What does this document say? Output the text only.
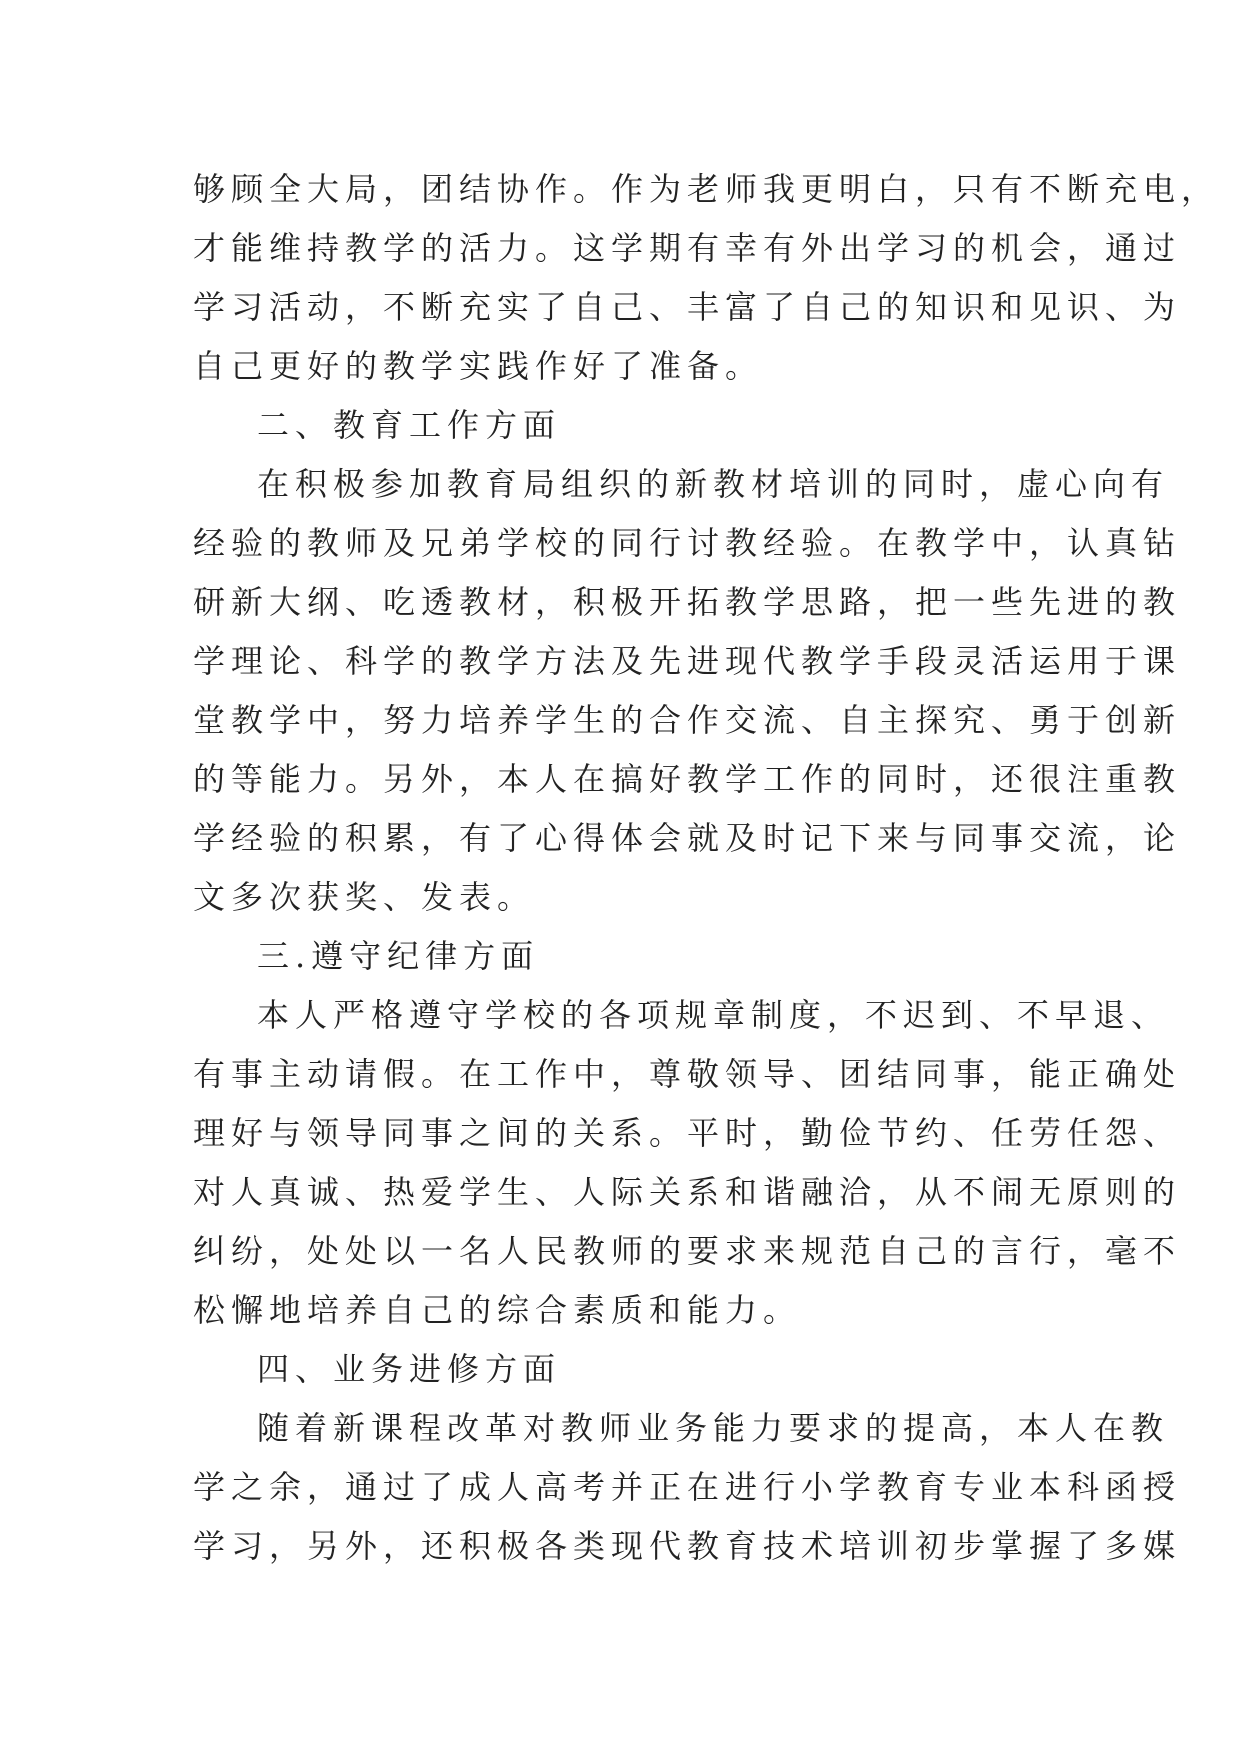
够顾全大局，团结协作。作为老师我更明白，只有不断充电，
才能维持教学的活力。这学期有幸有外出学习的机会，通过
学习活动，不断充实了自己、丰富了自己的知识和见识、为
自己更好的教学实践作好了准备。
二、教育工作方面
在积极参加教育局组织的新教材培训的同时，虚心向有
经验的教师及兄弟学校的同行讨教经验。在教学中，认真钻
研新大纲、吃透教材，积极开拓教学思路，把一些先进的教
学理论、科学的教学方法及先进现代教学手段灵活运用于课
堂教学中，努力培养学生的合作交流、自主探究、勇于创新
的等能力。另外，本人在搞好教学工作的同时，还很注重教
学经验的积累，有了心得体会就及时记下来与同事交流，论
文多次获奖、发表。
三.遵守纪律方面
本人严格遵守学校的各项规章制度，不迟到、不早退、
有事主动请假。在工作中，尊敬领导、团结同事，能正确处
理好与领导同事之间的关系。平时，勤俭节约、任劳任怨、
对人真诚、热爱学生、人际关系和谐融洽，从不闹无原则的
纠纷，处处以一名人民教师的要求来规范自己的言行，毫不
松懈地培养自己的综合素质和能力。
四、业务进修方面
随着新课程改革对教师业务能力要求的提高，本人在教
学之余，通过了成人高考并正在进行小学教育专业本科函授
学习，另外，还积极各类现代教育技术培训初步掌握了多媒
